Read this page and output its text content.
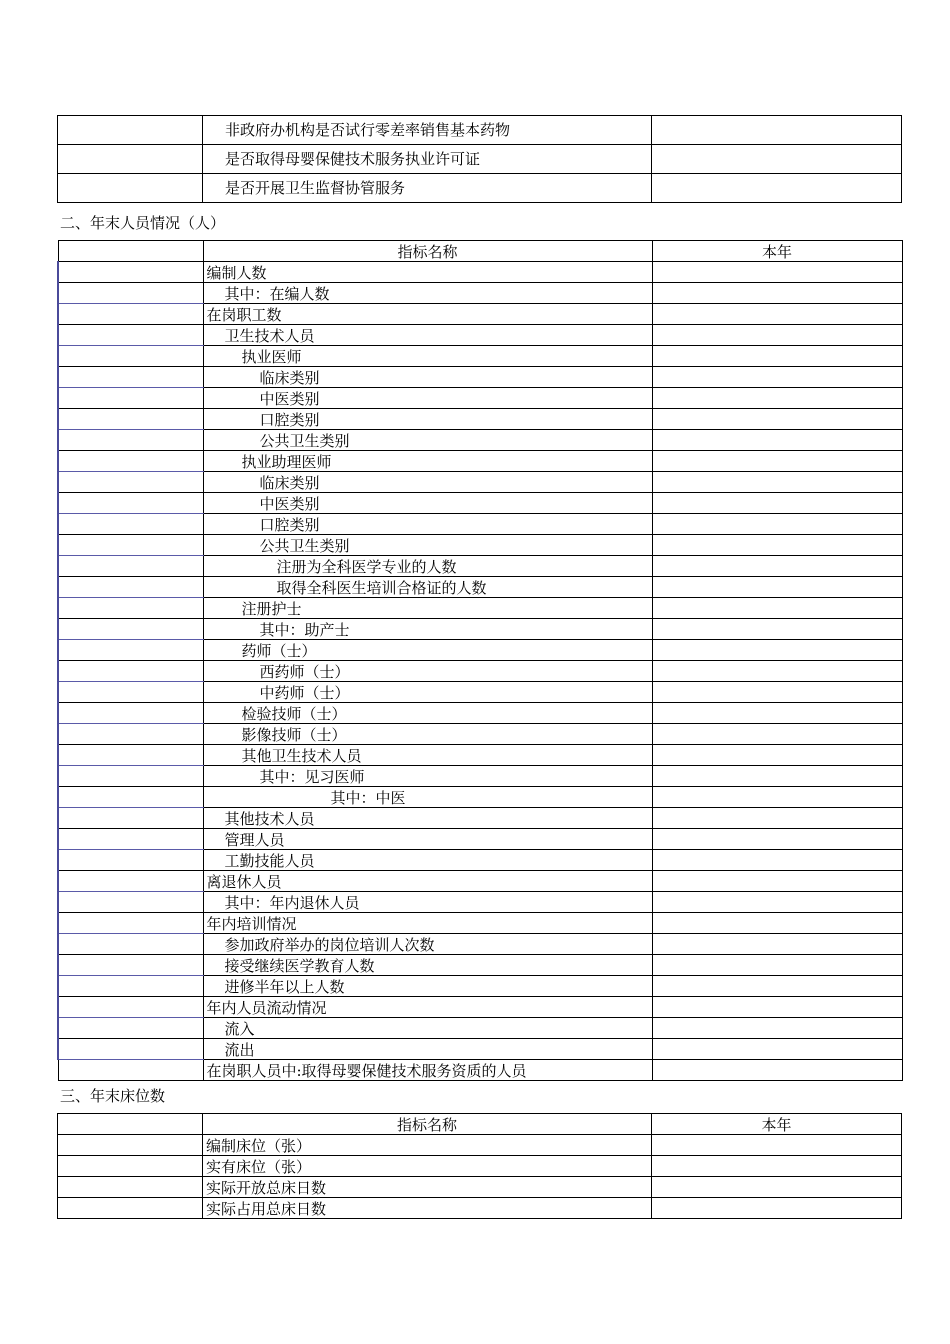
	非政府办机构是否试行零差率销售基本药物	
	是否取得母婴保健技术服务执业许可证	
	是否开展卫生监督协管服务	
二、年末人员情况（人）
	指标名称	本年
	编制人数	
	其中：在编人数	
	在岗职工数	
	卫生技术人员	
	执业医师	
	临床类别	
	中医类别	
	口腔类别	
	公共卫生类别	
	执业助理医师	
	临床类别	
	中医类别	
	口腔类别	
	公共卫生类别	
	注册为全科医学专业的人数	
	取得全科医生培训合格证的人数	
	注册护士	
	其中：助产士	
	药师（士）	
	西药师（士）	
	中药师（士）	
	检验技师（士）	
	影像技师（士）	
	其他卫生技术人员	
	其中：见习医师	
	其中：中医	
	其他技术人员	
	管理人员	
	工勤技能人员	
	离退休人员	
	其中：年内退休人员	
	年内培训情况	
	参加政府举办的岗位培训人次数	
	接受继续医学教育人数	
	进修半年以上人数	
	年内人员流动情况	
	流入	
	流出	
	在岗职人员中:取得母婴保健技术服务资质的人员	
三、年末床位数
	指标名称	本年
	编制床位（张）	
	实有床位（张）	
	实际开放总床日数	
	实际占用总床日数	
